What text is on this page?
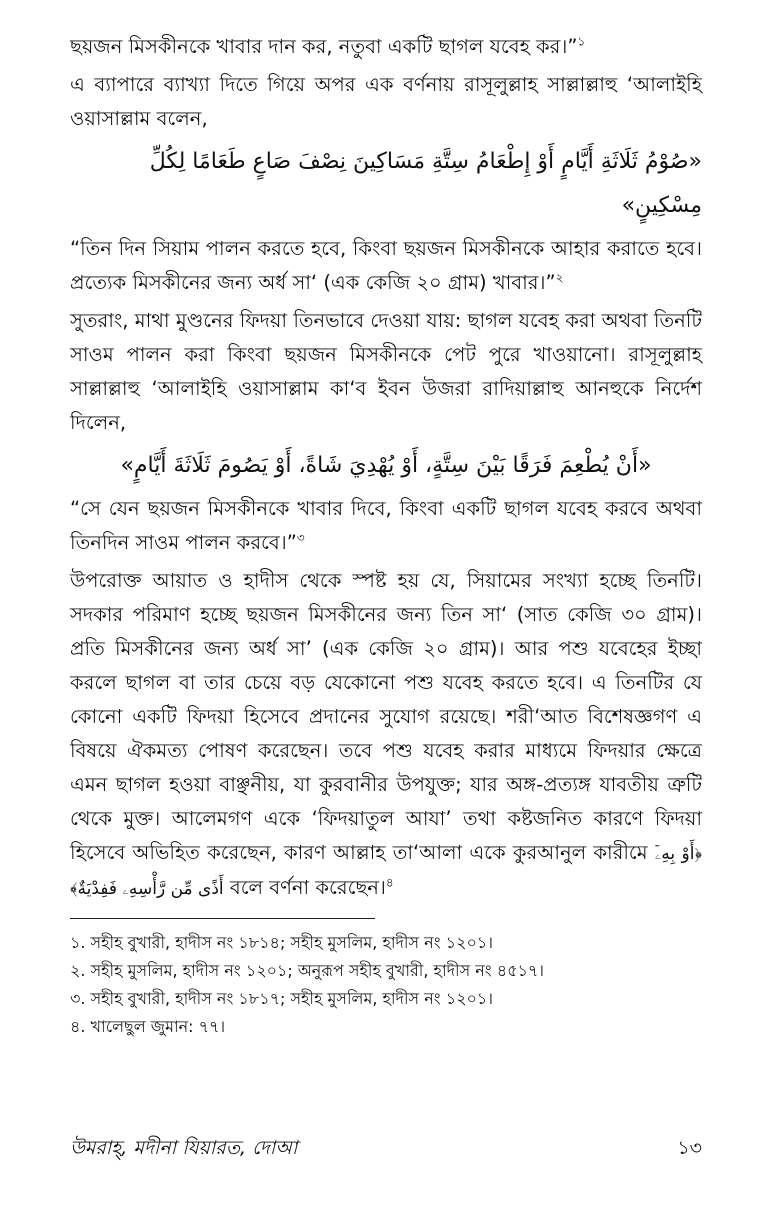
ছয়জন মিসকীনকে খাবার দান কর, নতুবা একটি ছাগল যবেহ কর।”$^১$

এ ব্যাপারে ব্যাখ্যা দিতে গিয়ে অপর এক বর্ণনায় রাসূলুল্লাহ সাল্লাল্লাহু ‘আলাইহি ওয়াসাল্লাম বলেন,

«صُوْمُ ثَلَاثَةِ أَيَّامٍ أَوْ إِطْعَامُ سِتَّةِ مَسَاكِينَ نِصْفَ صَاعٍ طَعَامًا لِكُلِّ مِسْكِينٍ»

“তিন দিন সিয়াম পালন করতে হবে, কিংবা ছয়জন মিসকীনকে আহার করাতে হবে। প্রত্যেক মিসকীনের জন্য অর্ধ সা‘ (এক কেজি ২০ গ্রাম) খাবার।”$^২$

সুতরাং, মাথা মুণ্ডনের ফিদয়া তিনভাবে দেওয়া যায়: ছাগল যবেহ করা অথবা তিনটি সাওম পালন করা কিংবা ছয়জন মিসকীনকে পেট পুরে খাওয়ানো। রাসূলুল্লাহ সাল্লাল্লাহু ‘আলাইহি ওয়াসাল্লাম কা‘ব ইবন উজরা রাদিয়াল্লাহু আনহুকে নির্দেশ দিলেন,

«أَنْ يُطْعِمَ فَرَقًا بَيْنَ سِتَّةٍ، أَوْ يُهْدِيَ شَاةً، أَوْ يَصُومَ ثَلَاثَةَ أَيَّامٍ»

“সে যেন ছয়জন মিসকীনকে খাবার দিবে, কিংবা একটি ছাগল যবেহ করবে অথবা তিনদিন সাওম পালন করবে।”$^৩$

উপরোক্ত আয়াত ও হাদীস থেকে স্পষ্ট হয় যে, সিয়ামের সংখ্যা হচ্ছে তিনটি। সদকার পরিমাণ হচ্ছে ছয়জন মিসকীনের জন্য তিন সা‘ (সাত কেজি ৩০ গ্রাম)। প্রতি মিসকীনের জন্য অর্ধ সা’ (এক কেজি ২০ গ্রাম)। আর পশু যবেহের ইচ্ছা করলে ছাগল বা তার চেয়ে বড় যেকোনো পশু যবেহ করতে হবে। এ তিনটির যে কোনো একটি ফিদয়া হিসেবে প্রদানের সুযোগ রয়েছে। শরী‘আত বিশেষজ্ঞগণ এ বিষয়ে ঐকমত্য পোষণ করেছেন। তবে পশু যবেহ করার মাধ্যমে ফিদয়ার ক্ষেত্রে এমন ছাগল হওয়া বাঞ্ছনীয়, যা কুরবানীর উপযুক্ত; যার অঙ্গ-প্রত্যঙ্গ যাবতীয় ত্রুটি থেকে মুক্ত। আলেমগণ একে ‘ফিদয়াতুল আযা’ তথা কষ্টজনিত কারণে ফিদয়া হিসেবে অভিহিত করেছেন, কারণ আল্লাহ তা‘আলা একে কুরআনুল কারীমে ﴿أَوْ بِهِۦٓ أَذًى مِّن رَّأْسِهِۦ فَفِدْيَةٌ﴾ বলে বর্ণনা করেছেন।$^৪$

১. সহীহ বুখারী, হাদীস নং ১৮১৪; সহীহ মুসলিম, হাদীস নং ১২০১।

২. সহীহ মুসলিম, হাদীস নং ১২০১; অনুরূপ সহীহ বুখারী, হাদীস নং ৪৫১৭।

৩. সহীহ বুখারী, হাদীস নং ১৮১৭; সহীহ মুসলিম, হাদীস নং ১২০১।

৪. খালেছুল জুমান: ৭৭।

উমরাহ্, মদীনা যিয়ারত, দোআ	১৩
